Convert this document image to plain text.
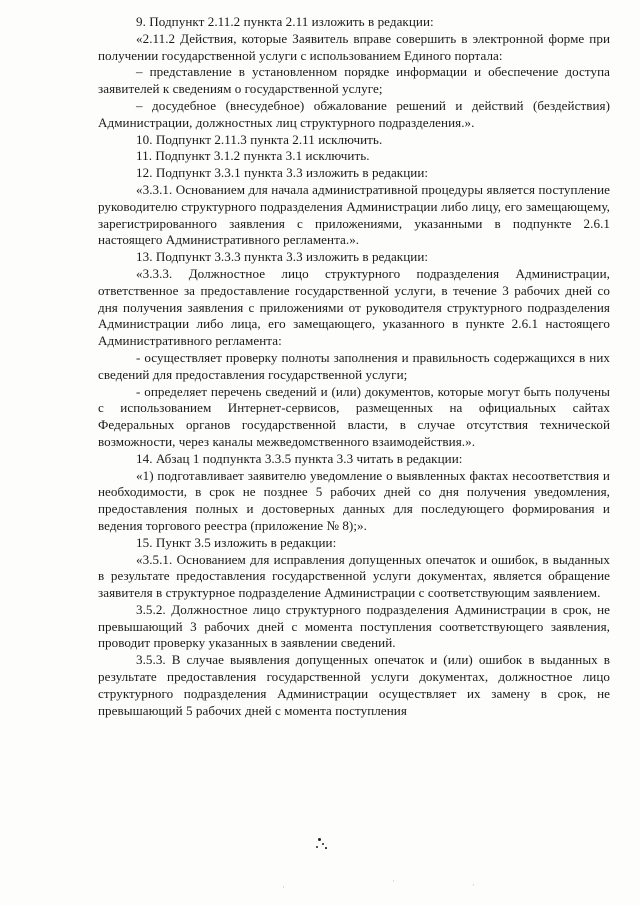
9. Подпункт 2.11.2 пункта 2.11 изложить в редакции:

«2.11.2 Действия, которые Заявитель вправе совершить в электронной форме при получении государственной услуги с использованием Единого портала:

– представление в установленном порядке информации и обеспечение доступа заявителей к сведениям о государственной услуге;

– досудебное (внесудебное) обжалование решений и действий (бездействия) Администрации, должностных лиц структурного подразделения.».

10. Подпункт 2.11.3 пункта 2.11 исключить.

11. Подпункт 3.1.2 пункта 3.1 исключить.

12. Подпункт 3.3.1 пункта 3.3 изложить в редакции:

«3.3.1. Основанием для начала административной процедуры является поступление руководителю структурного подразделения Администрации либо лицу, его замещающему, зарегистрированного заявления с приложениями, указанными в подпункте 2.6.1 настоящего Административного регламента.».

13. Подпункт 3.3.3 пункта 3.3 изложить в редакции:

«3.3.3. Должностное лицо структурного подразделения Администрации, ответственное за предоставление государственной услуги, в течение 3 рабочих дней со дня получения заявления с приложениями от руководителя структурного подразделения Администрации либо лица, его замещающего, указанного в пункте 2.6.1 настоящего Административного регламента:

- осуществляет проверку полноты заполнения и правильность содержащихся в них сведений для предоставления государственной услуги;

- определяет перечень сведений и (или) документов, которые могут быть получены с использованием Интернет-сервисов, размещенных на официальных сайтах Федеральных органов государственной власти, в случае отсутствия технической возможности, через каналы межведомственного взаимодействия.».

14. Абзац 1 подпункта 3.3.5 пункта 3.3 читать в редакции:

«1) подготавливает заявителю уведомление о выявленных фактах несоответствия и необходимости, в срок не позднее 5 рабочих дней со дня получения уведомления, предоставления полных и достоверных данных для последующего формирования и ведения торгового реестра (приложение № 8);».

15. Пункт 3.5 изложить в редакции:

«3.5.1. Основанием для исправления допущенных опечаток и ошибок, в выданных в результате предоставления государственной услуги документах, является обращение заявителя в структурное подразделение Администрации с соответствующим заявлением.

3.5.2. Должностное лицо структурного подразделения Администрации в срок, не превышающий 3 рабочих дней с момента поступления соответствующего заявления, проводит проверку указанных в заявлении сведений.

3.5.3. В случае выявления допущенных опечаток и (или) ошибок в выданных в результате предоставления государственной услуги документах, должностное лицо структурного подразделения Администрации осуществляет их замену в срок, не превышающий 5 рабочих дней с момента поступления

·
·	·
